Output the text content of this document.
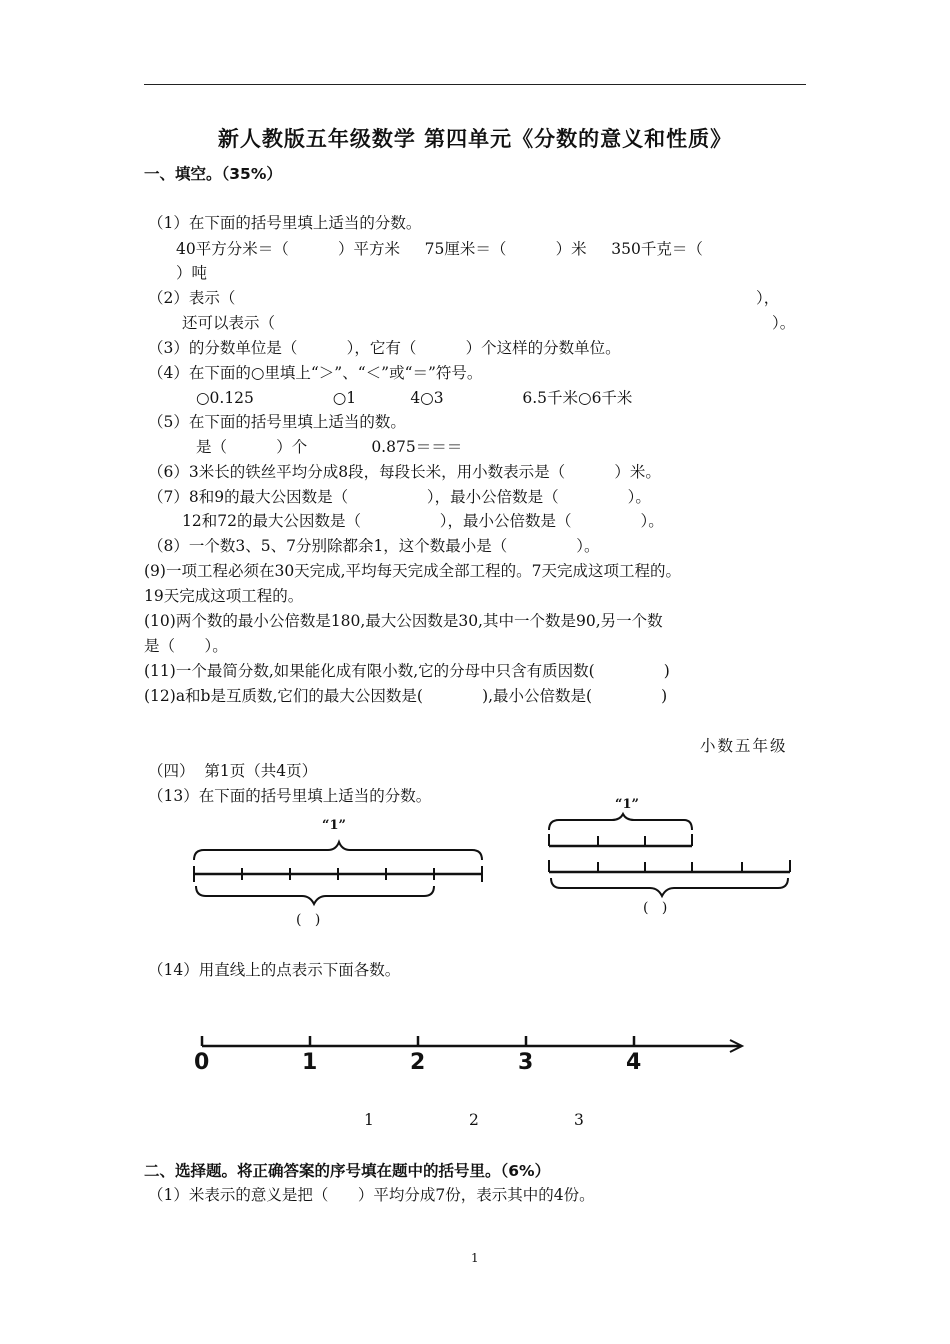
新人教版五年级数学 第四单元《分数的意义和性质》
一、填空。（35%）
（1）在下面的括号里填上适当的分数。
40平方分米＝（          ）平方米     75厘米＝（          ）米     350千克＝（
）吨
（2）表示（	），
还可以表示（	）。
（3）的分数单位是（          ），它有（          ）个这样的分数单位。
（4）在下面的○里填上“＞”、“＜”或“＝”符号。
○0.125                ○1           4○3                6.5千米○6千米
（5）在下面的括号里填上适当的数。
是（          ）个             0.875＝＝＝
（6）3米长的铁丝平均分成8段，每段长米，用小数表示是（          ）米。
（7）8和9的最大公因数是（                ），最小公倍数是（              ）。
12和72的最大公因数是（                ），最小公倍数是（              ）。
（8）一个数3、5、7分别除都余1，这个数最小是（              ）。
(9)一项工程必须在30天完成,平均每天完成全部工程的。7天完成这项工程的。
19天完成这项工程的。
(10)两个数的最小公倍数是180,最大公因数是30,其中一个数是90,另一个数
是（      ）。
(11)一个最简分数,如果能化成有限小数,它的分母中只含有质因数(              )
(12)a和b是互质数,它们的最大公因数是(            ),最小公倍数是(              )
小数五年级
（四）  第1页（共4页）
（13）在下面的括号里填上适当的分数。
“1”
(   )
“1”
(   )
（14）用直线上的点表示下面各数。
0	1	2	3	4
1	2	3
二、选择题。将正确答案的序号填在题中的括号里。（6%）
（1）米表示的意义是把（      ）平均分成7份，表示其中的4份。
1
